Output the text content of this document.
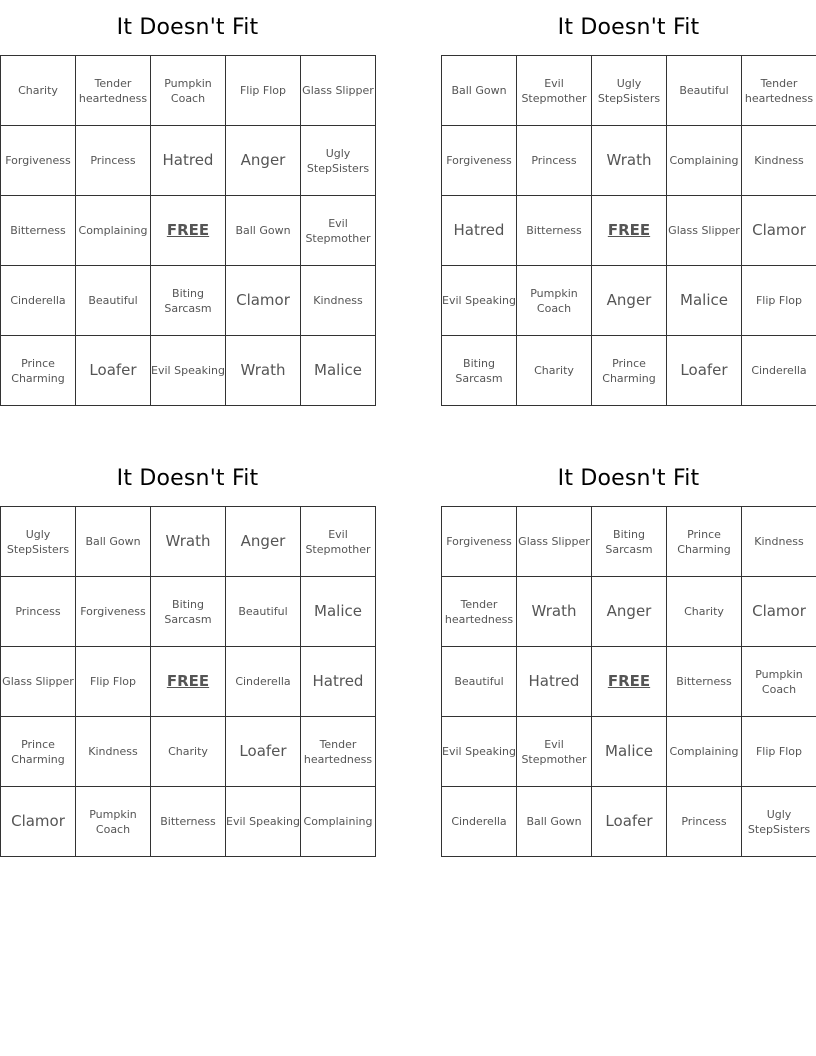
It Doesn't Fit
Charity	Tender heartedness	Pumpkin Coach	Flip Flop	Glass Slipper
Forgiveness	Princess	Hatred	Anger	Ugly StepSisters
Bitterness	Complaining	FREE	Ball Gown	Evil Stepmother
Cinderella	Beautiful	Biting Sarcasm	Clamor	Kindness
Prince Charming	Loafer	Evil Speaking	Wrath	Malice
It Doesn't Fit
Ball Gown	Evil Stepmother	Ugly StepSisters	Beautiful	Tender heartedness
Forgiveness	Princess	Wrath	Complaining	Kindness
Hatred	Bitterness	FREE	Glass Slipper	Clamor
Evil Speaking	Pumpkin Coach	Anger	Malice	Flip Flop
Biting Sarcasm	Charity	Prince Charming	Loafer	Cinderella
It Doesn't Fit
Ugly StepSisters	Ball Gown	Wrath	Anger	Evil Stepmother
Princess	Forgiveness	Biting Sarcasm	Beautiful	Malice
Glass Slipper	Flip Flop	FREE	Cinderella	Hatred
Prince Charming	Kindness	Charity	Loafer	Tender heartedness
Clamor	Pumpkin Coach	Bitterness	Evil Speaking	Complaining
It Doesn't Fit
Forgiveness	Glass Slipper	Biting Sarcasm	Prince Charming	Kindness
Tender heartedness	Wrath	Anger	Charity	Clamor
Beautiful	Hatred	FREE	Bitterness	Pumpkin Coach
Evil Speaking	Evil Stepmother	Malice	Complaining	Flip Flop
Cinderella	Ball Gown	Loafer	Princess	Ugly StepSisters
